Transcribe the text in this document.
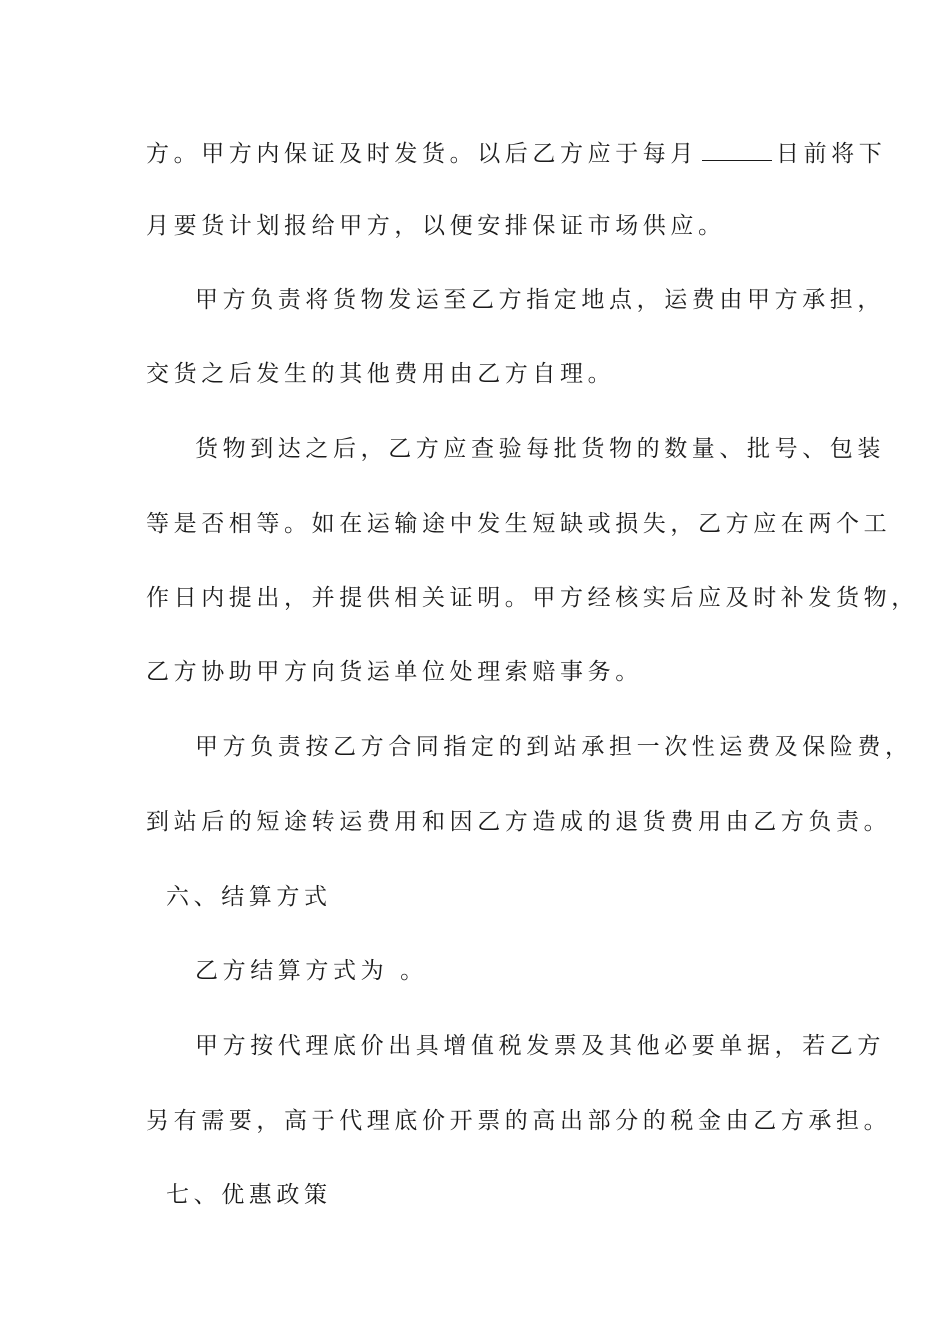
方。甲方内保证及时发货。以后乙方应于每月	日前将下
月要货计划报给甲方，以便安排保证市场供应。
甲方负责将货物发运至乙方指定地点，运费由甲方承担，
交货之后发生的其他费用由乙方自理。
货物到达之后，乙方应查验每批货物的数量、批号、包装
等是否相等。如在运输途中发生短缺或损失，乙方应在两个工
作日内提出，并提供相关证明。甲方经核实后应及时补发货物，
乙方协助甲方向货运单位处理索赔事务。
甲方负责按乙方合同指定的到站承担一次性运费及保险费，
到站后的短途转运费用和因乙方造成的退货费用由乙方负责。
六、结算方式
乙方结算方式为 。
甲方按代理底价出具增值税发票及其他必要单据，若乙方
另有需要，高于代理底价开票的高出部分的税金由乙方承担。
七、优惠政策
